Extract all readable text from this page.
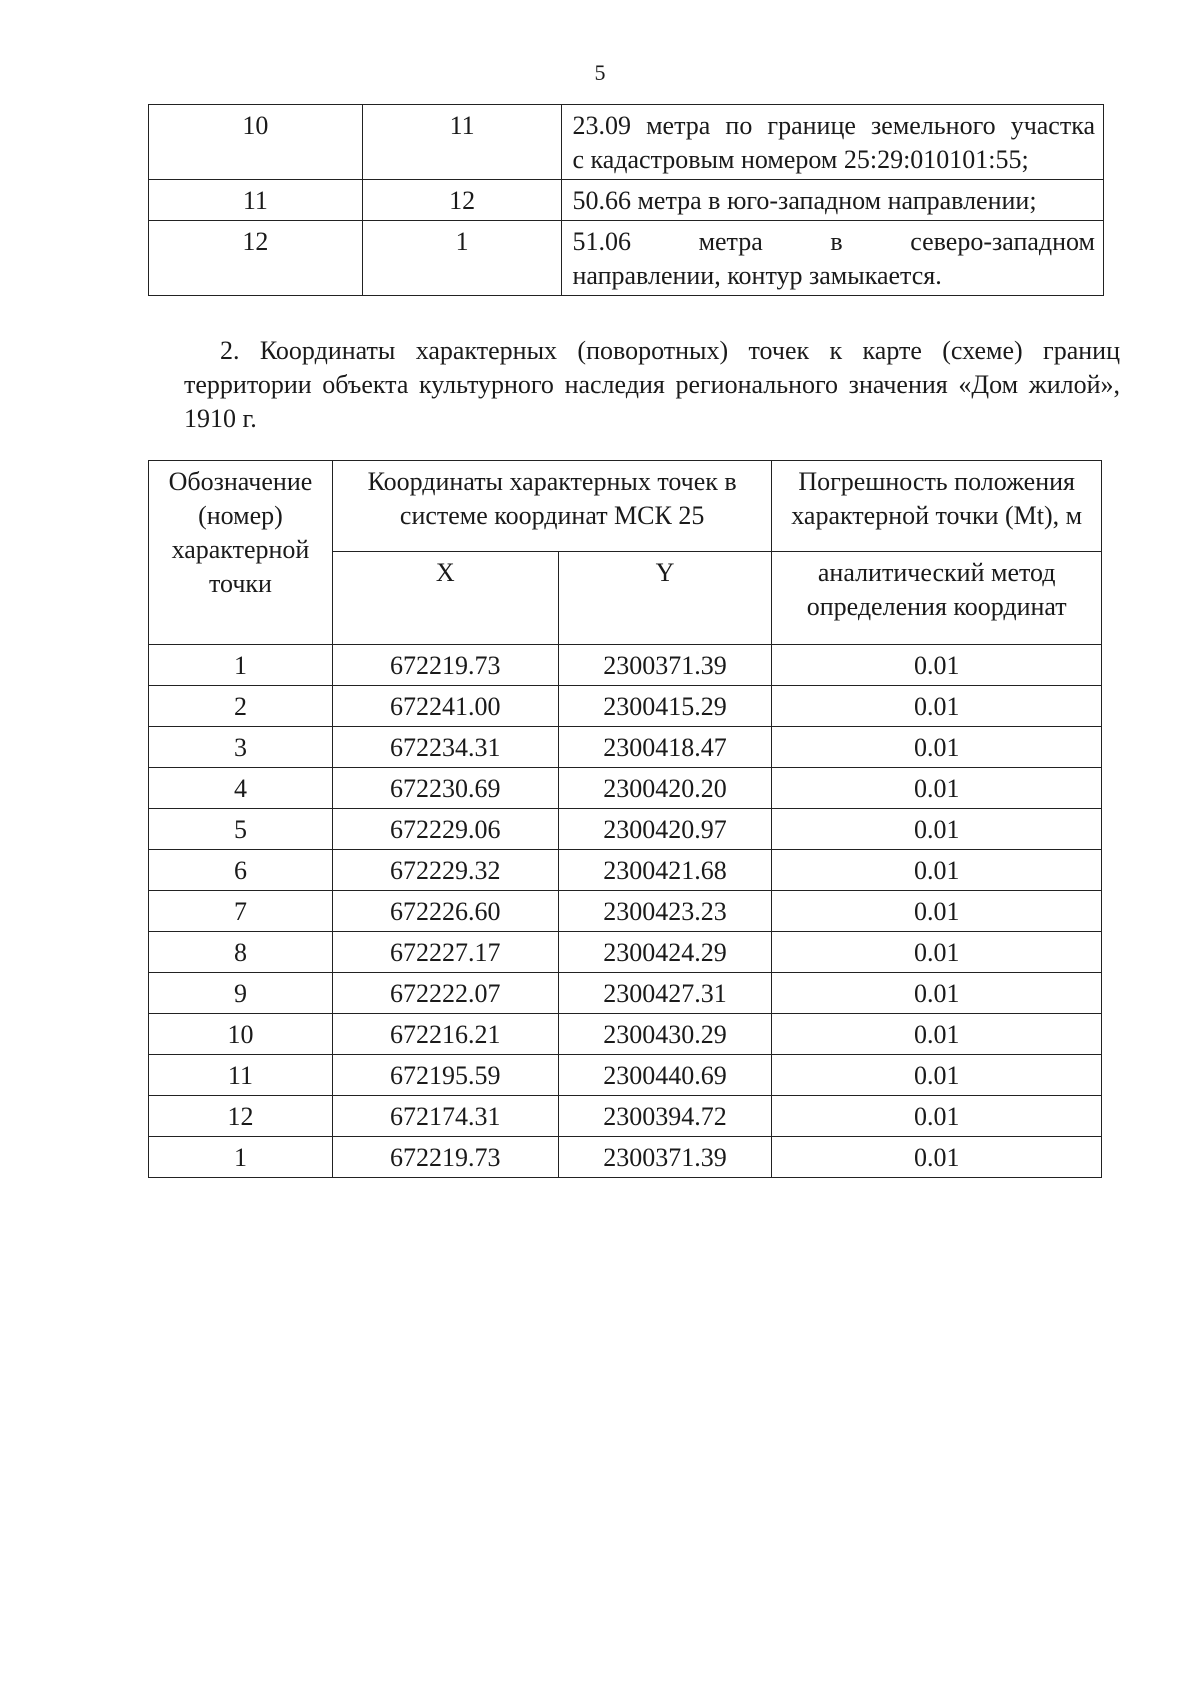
5
10	11	23.09 метра по границе земельного участка
с кадастровым номером 25:29:010101:55;

11	12	50.66 метра в юго-западном направлении;

12	1	51.06 метра в северо-западном
направлении, контур замыкается.
2. Координаты характерных (поворотных) точек к карте (схеме) границ территории объекта культурного наследия регионального значения «Дом жилой», 1910 г.
Обозначение (номер) характерной точки	Координаты характерных точек в системе координат МСК 25		Погрешность положения характерной точки (Mt), м
	X	Y	аналитический метод определения координат
1	672219.73	2300371.39	0.01
2	672241.00	2300415.29	0.01
3	672234.31	2300418.47	0.01
4	672230.69	2300420.20	0.01
5	672229.06	2300420.97	0.01
6	672229.32	2300421.68	0.01
7	672226.60	2300423.23	0.01
8	672227.17	2300424.29	0.01
9	672222.07	2300427.31	0.01
10	672216.21	2300430.29	0.01
11	672195.59	2300440.69	0.01
12	672174.31	2300394.72	0.01
1	672219.73	2300371.39	0.01
